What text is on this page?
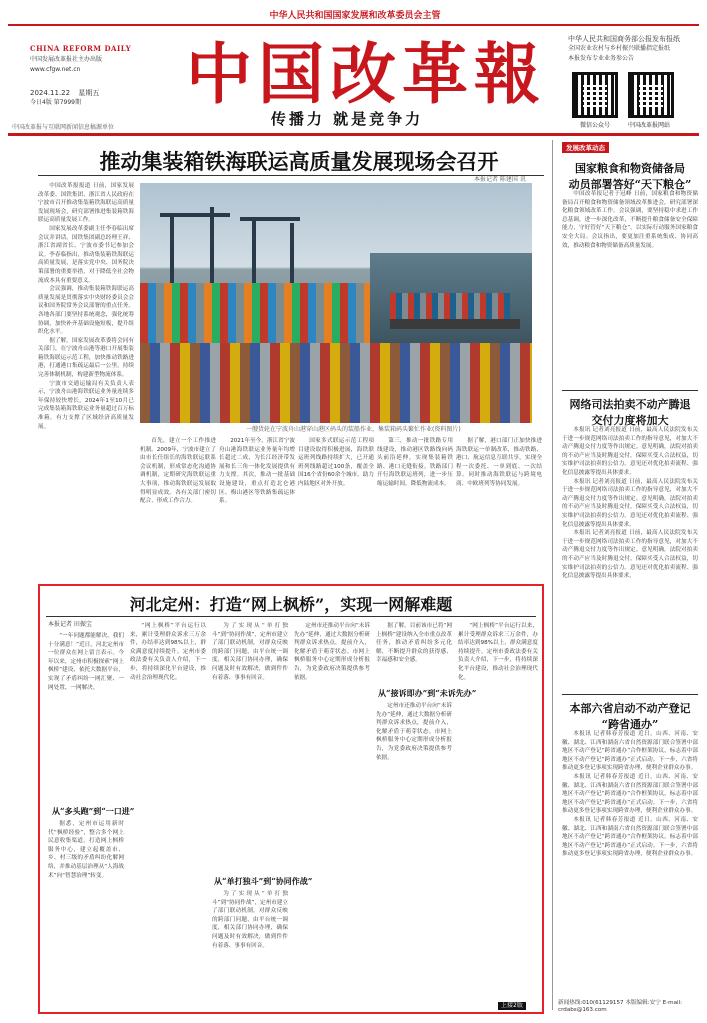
中华人民共和国国家发展和改革委员会主管
CHINA REFORM DAILY
中国发展改革报社主办出版
www.cfgw.net.cn
2024.11.22 星期五
今日4版 第7999期
中国改革报与互联网新闻信息稿源单位
中国改革報
传播力 就是竞争力
中华人民共和国商务部公报发布报纸
全国农业农村与乡村振兴联播指定报纸
本报发布专业业务参公告
微信公众号	中国改革报网站
推动集装箱铁海联运高质量发展现场会召开

中国改革报报道 日前，国家发展改革委、国铁集团、浙江省人民政府在宁波市召开推动集装箱铁海联运高质量发展现场会，研究部署推进集装箱铁海联运高质量发展工作。

国家发展改革委副主任李春临出席会议并讲话。国铁集团副总经理王祥、浙江省副省长、宁波市委书记参加会议。李春临指出，推动集装箱铁海联运高质量发展，是落实党中央、国务院决策部署的重要举措，对于降低全社会物流成本具有重要意义。

会议强调，推动集装箱铁海联运高质量发展是贯彻落实中央财经委员会会议和国务院常务会议部署的重点任务。各地各部门要坚持系统观念，强化统筹协调，加快补齐基础设施短板，提升组织化水平。

据了解，国家发展改革委将会同有关部门，在宁波舟山港等港口开展集装箱铁海联运示范工程，加快推动铁路进港，打通港口集疏运最后一公里，持续完善体制机制，构建新型物流体系。

宁波市交通运输局有关负责人表示，宁波舟山港海铁联运业务量连续多年保持较快增长，2024年1至10月已完成集装箱海铁联运业务量超过百万标准箱，有力支撑了区域经济高质量发展。	一艘货轮在宁波舟山港穿山港区码头的装船作业，集装箱码头繁忙作业(资料图片)
本报记者 陈建国 讯

首先，建立一个工作推进机制。2009年，宁波市建立了由市长任组长的海铁联运联系会议机制，形成常态化沟通协调机制，定期研究海铁联运重大事项，推动海铁联运发展取得明显成效。各有关部门密切配合，形成工作合力。

2021年至今，浙江省宁波舟山港海铁联运业务量年均增长超过二成，为长江经济带发展和长三角一体化发展提供有力支撑。其次，推动一批基础设施建设，重点打造北仑港区、梅山港区等铁路集疏运体系。

国家多式联运示范工程项目建设取得积极进展，海铁联运班列线路持续扩大，已开通班列线路超过100条，覆盖全国16个省份60余个城市，助力内陆地区对外开放。

第三，推动一批铁路专用线建设，推动港区铁路线向码头前沿延伸，实现集装箱铁路、港口无缝衔接。铁路部门开行海铁联运班列，进一步压缩运输时间，降低物流成本。

据了解，港口部门正加快推进海铁联运一单制改革，推动铁路、港口、航运信息互联共享，实现全程一次委托、一单到底、一次结算。同时推动海铁联运与跨境电商、中欧班列等协同发展。

河北定州：打造“网上枫桥”，实现一网解难题
本报记者 田振宝

“一年问题都能解决，我们十分满意！”近日，河北定州市一位群众在网上留言表示。今年以来，定州市积极探索“网上枫桥”建设，依托大数据平台，实现了矛盾纠纷一网汇聚、一网处置、一网解决。

从“多头跑”到“一口进”

据悉，定州市运用新时代“枫桥经验”，整合多个网上民意收集渠道，打造网上枫桥服务中心，建立起覆盖市、乡、村三级的矛盾纠纷化解网络，并推动基层治理从“人海战术”向“智慧治理”转变。

“网上枫桥”平台运行以来，累计受理群众诉求三万余件，办结率达到98%以上，群众满意度持续提升。定州市委政法委有关负责人介绍，下一步，将持续深化平台建设，推动社会治理现代化。

为了实现从“单打独斗”到“协同作战”，定州市建立了部门联动机制，对群众反映的跨部门问题，由平台统一调度，相关部门协同办理，确保问题及时有效解决，做到件件有着落、事事有回音。

从“单打独斗”到“协同作战”

为了实现从“单打独斗”到“协同作战”，定州市建立了部门联动机制，对群众反映的跨部门问题，由平台统一调度，相关部门协同办理，确保问题及时有效解决，做到件件有着落、事事有回音。

定州市还推动平台向“未诉先办”延伸，通过大数据分析研判群众诉求热点，提前介入，化解矛盾于萌芽状态。市网上枫桥服务中心定期形成分析报告，为党委政府决策提供参考依据。

据了解，目前该市已将“网上枫桥”建设纳入全市重点改革任务，推动矛盾纠纷多元化解，不断提升群众的获得感、幸福感和安全感。

从“接诉即办”到“未诉先办”

定州市还推动平台向“未诉先办”延伸，通过大数据分析研判群众诉求热点，提前介入，化解矛盾于萌芽状态。市网上枫桥服务中心定期形成分析报告，为党委政府决策提供参考依据。

“网上枫桥”平台运行以来，累计受理群众诉求三万余件，办结率达到98%以上，群众满意度持续提升。定州市委政法委有关负责人介绍，下一步，将持续深化平台建设，推动社会治理现代化。

上接2版
发展改革动态
国家粮食和物资储备局
动员部署答好“天下粮仓”

中国改革报记者于冠峰 日前，国家粮食和物资储备局召开粮食和物资储备领域改革推进会，研究部署深化粮食领域改革工作。会议强调，要坚持稳中求进工作总基调，进一步深化改革，不断提升粮食储备安全保障能力，守好管好“天下粮仓”，以实际行动服务国家粮食安全大局。会议指出，要更加注重系统集成、协同高效，推动粮食和物资储备高质量发展。

网络司法拍卖不动产腾退
交付力度将加大

本报讯 记者刘亮报道 日前，最高人民法院发布关于进一步规范网络司法拍卖工作的指导意见，对加大不动产腾退交付力度等作出规定。意见明确，法院对拍卖的不动产应当及时腾退交付，保障买受人合法权益，切实维护司法拍卖的公信力。意见还对优化拍卖流程、强化信息披露等提出具体要求。

本报讯 记者刘亮报道 日前，最高人民法院发布关于进一步规范网络司法拍卖工作的指导意见，对加大不动产腾退交付力度等作出规定。意见明确，法院对拍卖的不动产应当及时腾退交付，保障买受人合法权益，切实维护司法拍卖的公信力。意见还对优化拍卖流程、强化信息披露等提出具体要求。

本报讯 记者刘亮报道 日前，最高人民法院发布关于进一步规范网络司法拍卖工作的指导意见，对加大不动产腾退交付力度等作出规定。意见明确，法院对拍卖的不动产应当及时腾退交付，保障买受人合法权益，切实维护司法拍卖的公信力。意见还对优化拍卖流程、强化信息披露等提出具体要求。

本部六省启动不动产登记
“跨省通办”

本报讯 记者韩春芳报道 近日，山西、河南、安徽、湖北、江西和湖南六省自然资源部门联合签署中部地区不动产登记“跨省通办”合作框架协议，标志着中部地区不动产登记“跨省通办”正式启动。下一步，六省将推动更多登记事项实现跨省办理，便利企业群众办事。

本报讯 记者韩春芳报道 近日，山西、河南、安徽、湖北、江西和湖南六省自然资源部门联合签署中部地区不动产登记“跨省通办”合作框架协议，标志着中部地区不动产登记“跨省通办”正式启动。下一步，六省将推动更多登记事项实现跨省办理，便利企业群众办事。

本报讯 记者韩春芳报道 近日，山西、河南、安徽、湖北、江西和湖南六省自然资源部门联合签署中部地区不动产登记“跨省通办”合作框架协议，标志着中部地区不动产登记“跨省通办”正式启动。下一步，六省将推动更多登记事项实现跨省办理，便利企业群众办事。

新闻热线:010(61129157 本版编辑:安宁 E-mail: crdabs@163.com
